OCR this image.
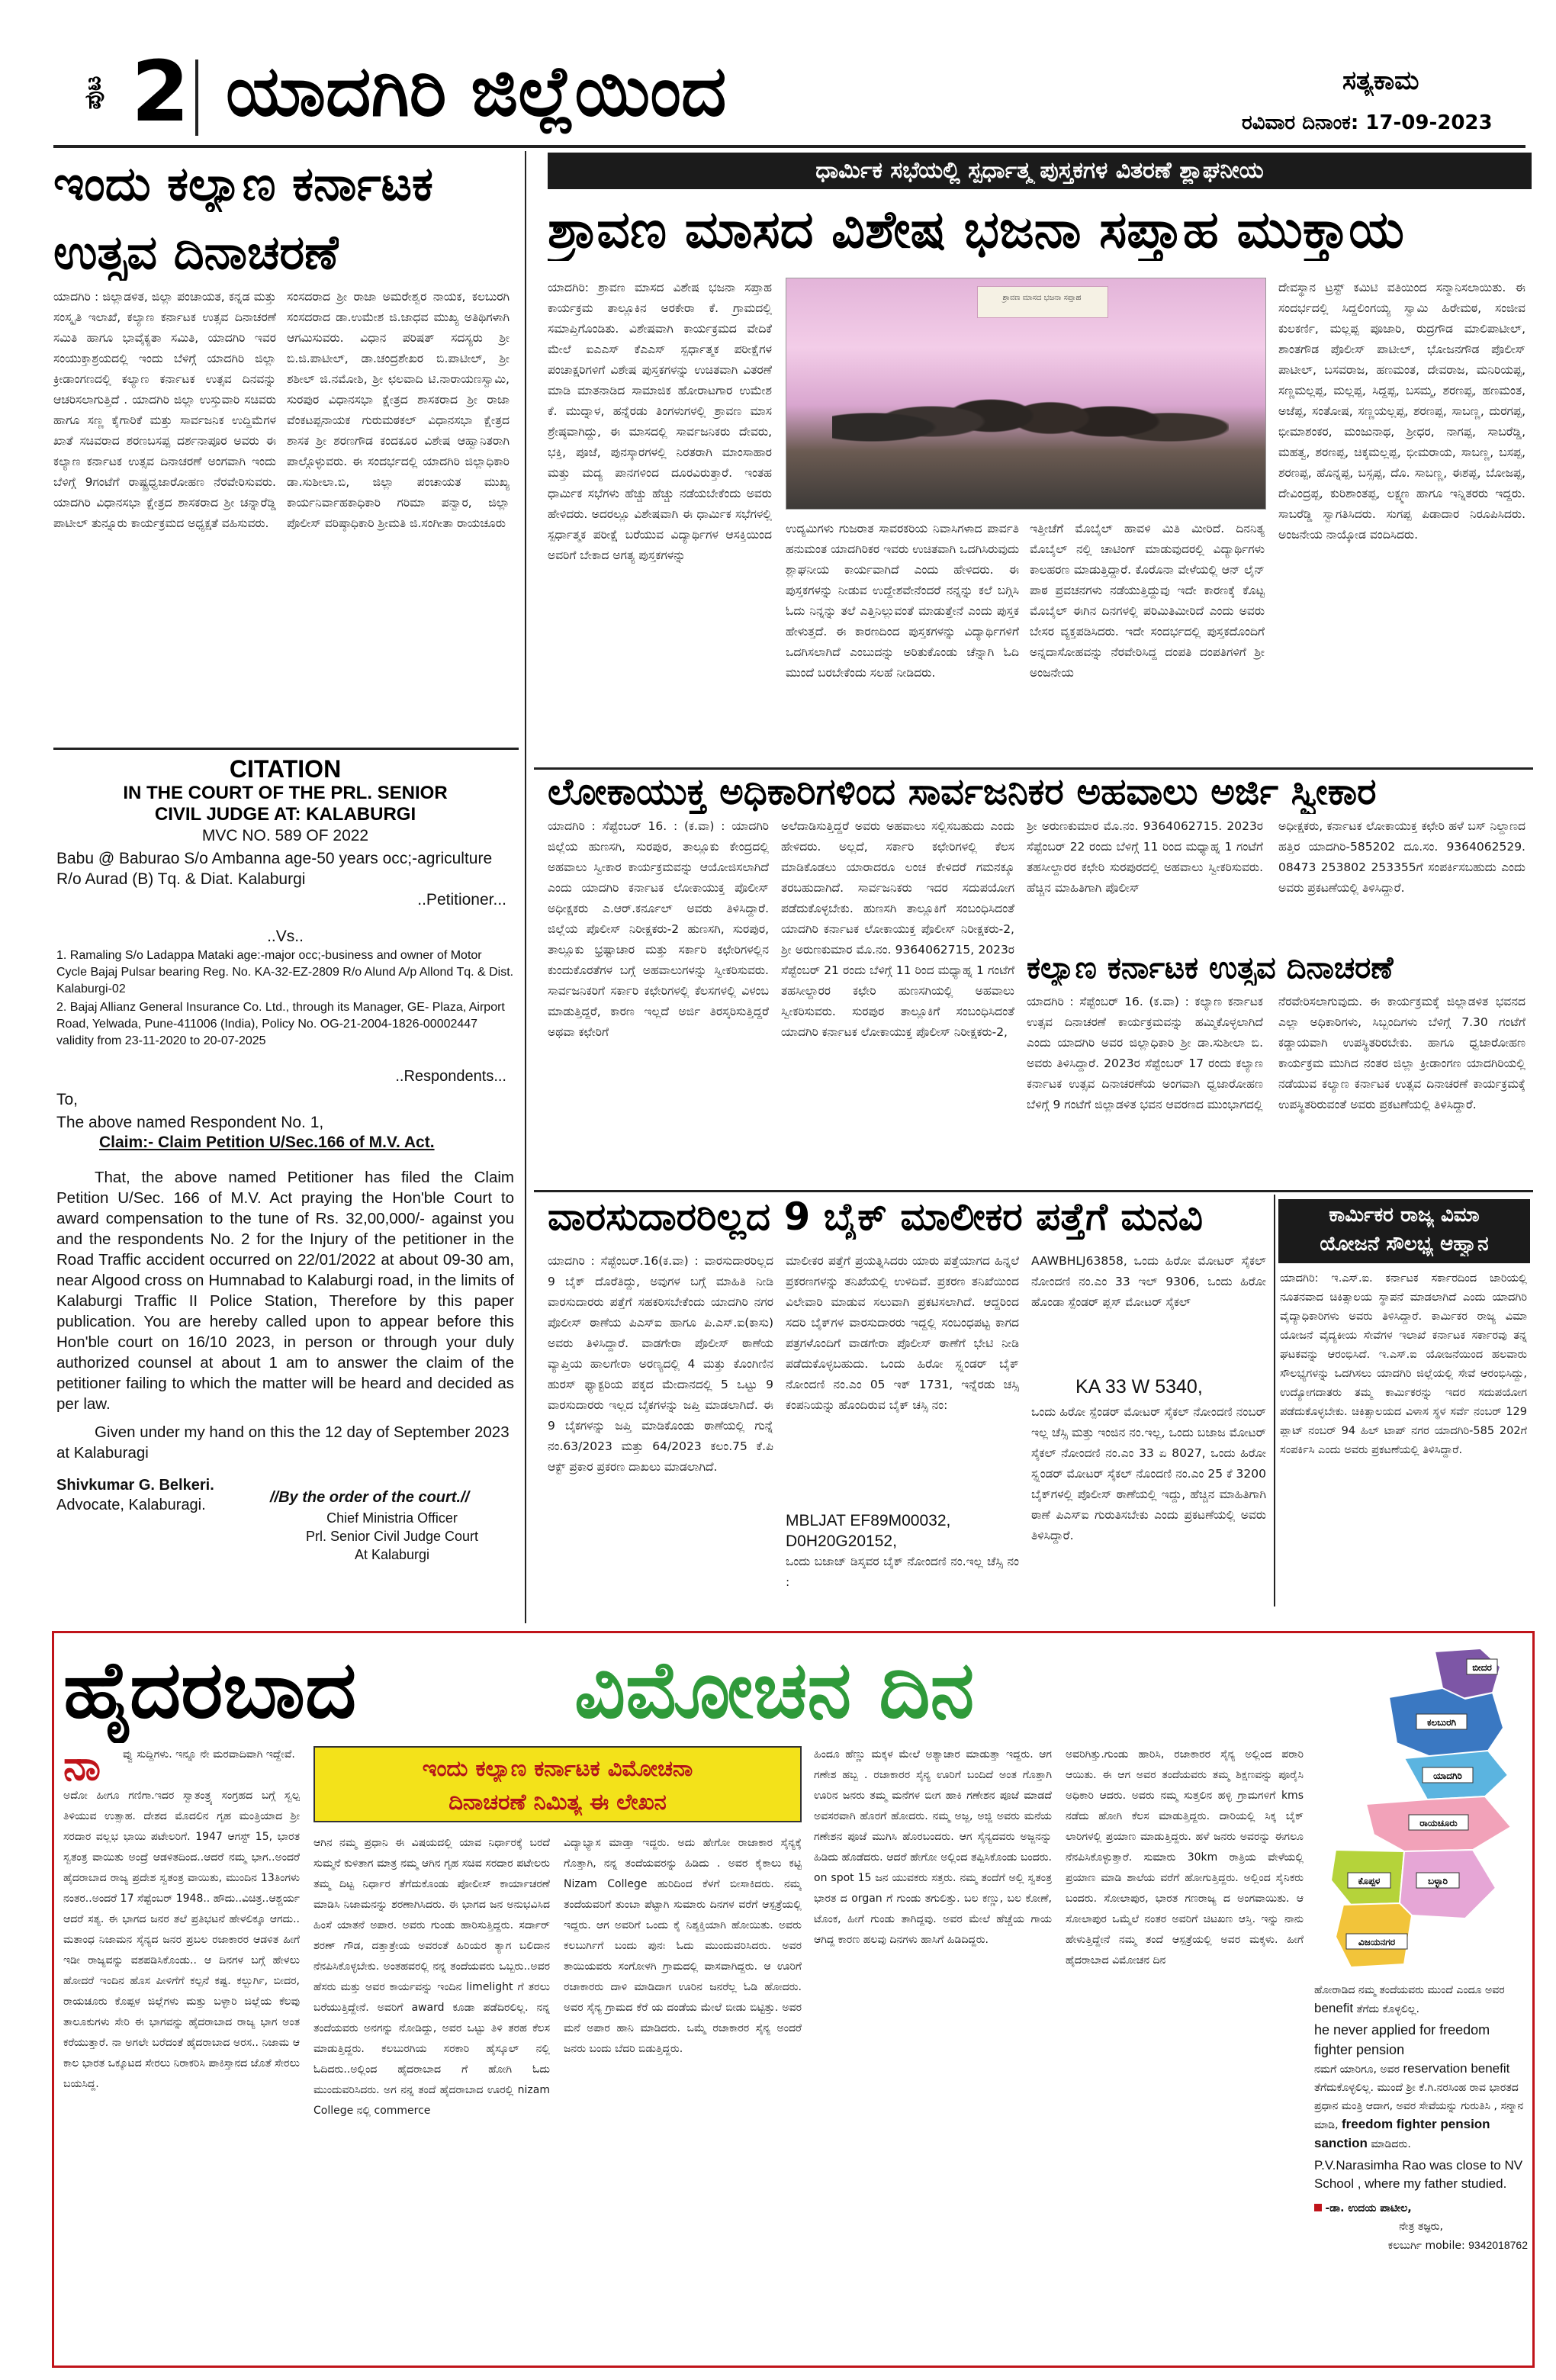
ಪುಟ 2 ಯಾದಗಿರಿ ಜಿಲ್ಲೆಯಿಂದ	ಸತ್ಯಕಾಮ
ರವಿವಾರ ದಿನಾಂಕ: 17-09-2023
ಇಂದು ಕಲ್ಯಾಣ ಕರ್ನಾಟಕ
ಉತ್ಸವ ದಿನಾಚರಣೆ
ಯಾದಗಿರಿ : ಜಿಲ್ಲಾಡಳಿತ, ಜಿಲ್ಲಾ ಪಂಚಾಯತ, ಕನ್ನಡ ಮತ್ತು ಸಂಸ್ಕೃತಿ ಇಲಾಖೆ, ಕಲ್ಯಾಣ ಕರ್ನಾಟಕ ಉತ್ಸವ ದಿನಾಚರಣೆ ಸಮಿತಿ ಹಾಗೂ ಭಾವೈಕ್ಯತಾ ಸಮಿತಿ, ಯಾದಗಿರಿ ಇವರ ಸಂಯುಕ್ತಾಶ್ರಯದಲ್ಲಿ ಇಂದು ಬೆಳಿಗ್ಗೆ ಯಾದಗಿರಿ ಜಿಲ್ಲಾ ಕ್ರೀಡಾಂಗಣದಲ್ಲಿ ಕಲ್ಯಾಣ ಕರ್ನಾಟಕ ಉತ್ಸವ ದಿನವನ್ನು ಆಚರಿಸಲಾಗುತ್ತಿದೆ . ಯಾದಗಿರಿ ಜಿಲ್ಲಾ ಉಸ್ತುವಾರಿ ಸಚಿವರು ಹಾಗೂ ಸಣ್ಣ ಕೈಗಾರಿಕೆ ಮತ್ತು ಸಾರ್ವಜನಿಕ ಉದ್ದಿಮೆಗಳ ಖಾತೆ ಸಚಿವರಾದ ಶರಣಬಸಪ್ಪ ದರ್ಶನಾಪೂರ ಅವರು ಈ ಕಲ್ಯಾಣ ಕರ್ನಾಟಕ ಉತ್ಸವ ದಿನಾಚರಣೆ ಅಂಗವಾಗಿ ಇಂದು ಬೆಳಿಗ್ಗೆ 9ಗಂಟೆಗೆ ರಾಷ್ಟ್ರಧ್ವಜಾರೋಹಣ ನೆರವೇರಿಸುವರು. ಯಾದಗಿರಿ ವಿಧಾನಸಭಾ ಕ್ಷೇತ್ರದ ಶಾಸಕರಾದ ಶ್ರೀ ಚನ್ನಾರೆಡ್ಡಿ ಪಾಟೀಲ್ ತುನ್ನೂರು ಕಾರ್ಯಕ್ರಮದ ಅಧ್ಯಕ್ಷತೆ ವಹಿಸುವರು.
ಸಂಸದರಾದ ಶ್ರೀ ರಾಜಾ ಅಮರೇಶ್ವರ ನಾಯಕ, ಕಲಬುರಗಿ ಸಂಸದರಾದ ಡಾ.ಉಮೇಶ ಜಿ.ಜಾಧವ ಮುಖ್ಯ ಅತಿಥಿಗಳಾಗಿ ಆಗಮಿಸುವರು. ವಿಧಾನ ಪರಿಷತ್ ಸದಸ್ಯರು ಶ್ರೀ ಬಿ.ಜಿ.ಪಾಟೀಲ್, ಡಾ.ಚಂದ್ರಶೇಖರ ಬಿ.ಪಾಟೀಲ್, ಶ್ರೀ ಶಶೀಲ್ ಜಿ.ನಮೋಶಿ, ಶ್ರೀ ಛಲವಾದಿ ಟಿ.ನಾರಾಯಣಸ್ವಾಮಿ, ಸುರಪುರ ವಿಧಾನಸಭಾ ಕ್ಷೇತ್ರದ ಶಾಸಕರಾದ ಶ್ರೀ ರಾಜಾ ವೆಂಕಟಪ್ಪನಾಯಕ ಗುರುಮಠಕಲ್ ವಿಧಾನಸಭಾ ಕ್ಷೇತ್ರದ ಶಾಸಕ ಶ್ರೀ ಶರಣಗೌಡ ಕಂದಕೂರ ವಿಶೇಷ ಆಹ್ವಾನಿತರಾಗಿ ಪಾಲ್ಗೊಳ್ಳುವರು. ಈ ಸಂದರ್ಭದಲ್ಲಿ ಯಾದಗಿರಿ ಜಿಲ್ಲಾಧಿಕಾರಿ ಡಾ.ಸುಶೀಲಾ.ಬಿ, ಜಿಲ್ಲಾ ಪಂಚಾಯತ ಮುಖ್ಯ ಕಾರ್ಯನಿರ್ವಾಹಕಾಧಿಕಾರಿ ಗರಿಮಾ ಪನ್ವಾರ, ಜಿಲ್ಲಾ ಪೊಲೀಸ್ ವರಿಷ್ಠಾಧಿಕಾರಿ ಶ್ರೀಮತಿ ಜಿ.ಸಂಗೀತಾ ರಾಯಚೂರು
CITATION
IN THE COURT OF THE PRL. SENIOR
CIVIL JUDGE AT: KALABURGI
MVC NO. 589 OF 2022
Babu @ Baburao S/o Ambanna age-50 years occ;-agriculture R/o Aurad (B) Tq. & Diat. Kalaburgi
..Petitioner...
..Vs..
1. Ramaling S/o Ladappa Mataki age:-major occ;-business and owner of Motor Cycle Bajaj Pulsar bearing Reg. No. KA-32-EZ-2809 R/o Alund A/p Allond Tq. & Dist. Kalaburgi-02
2. Bajaj Allianz General Insurance Co. Ltd., through its Manager, GE- Plaza, Airport Road, Yelwada, Pune-411006 (India), Policy No. OG-21-2004-1826-00002447 validity from 23-11-2020 to 20-07-2025
..Respondents...
To,
The above named Respondent No. 1,
Claim:- Claim Petition U/Sec.166 of M.V. Act.
That, the above named Petitioner has filed the Claim Petition U/Sec. 166 of M.V. Act praying the Hon'ble Court to award compensation to the tune of Rs. 32,00,000/- against you and the respondents No. 2 for the Injury of the petitioner in the Road Traffic accident occurred on 22/01/2022 at about 09-30 am, near Algood cross on Humnabad to Kalaburgi road, in the limits of Kalaburgi Traffic II Police Station, Therefore by this paper publication. You are hereby called upon to appear before this Hon'ble court on 16/10 2023, in person or through your duly authorized counsel at about 1 am to answer the claim of the petitioner failing to which the matter will be heard and decided as per law.
Given under my hand on this the 12 day of September 2023 at Kalaburagi
Shivkumar G. Belkeri.
Advocate, Kalaburagi.	//By the order of the court.//
Chief Ministria Officer
Prl. Senior Civil Judge Court
At Kalaburgi
ಧಾರ್ಮಿಕ ಸಭೆಯಲ್ಲಿ ಸ್ಪರ್ಧಾತ್ಮ ಪುಸ್ತಕಗಳ ವಿತರಣೆ ಶ್ಲಾಘನೀಯ
ಶ್ರಾವಣ ಮಾಸದ ವಿಶೇಷ ಭಜನಾ ಸಪ್ತಾಹ ಮುಕ್ತಾಯ
ಯಾದಗಿರಿ: ಶ್ರಾವಣ ಮಾಸದ ವಿಶೇಷ ಭಜನಾ ಸಪ್ತಾಹ ಕಾರ್ಯಕ್ರಮ ತಾಲ್ಲೂಕಿನ ಅರಕೇರಾ ಕೆ. ಗ್ರಾಮದಲ್ಲಿ ಸಮಾಪ್ತಿಗೊಂಡಿತು. ವಿಶೇಷವಾಗಿ ಕಾರ್ಯಕ್ರಮದ ವೇದಿಕೆ ಮೇಲೆ ಐಎಎಸ್ ಕೆಎಎಸ್ ಸ್ಪರ್ಧಾತ್ಮಕ ಪರೀಕ್ಷೆಗಳ ಪಂಚಾಕ್ಷರಿಗಳಿಗೆ ವಿಶೇಷ ಪುಸ್ತಕಗಳನ್ನು ಉಚಿತವಾಗಿ ವಿತರಣೆ ಮಾಡಿ ಮಾತನಾಡಿದ ಸಾಮಾಜಿಕ ಹೋರಾಟಗಾರ ಉಮೇಶ ಕೆ. ಮುದ್ನಾಳ, ಹನ್ನೆರಡು ತಿಂಗಳುಗಳಲ್ಲಿ ಶ್ರಾವಣ ಮಾಸ ಶ್ರೇಷ್ಠವಾಗಿದ್ದು, ಈ ಮಾಸದಲ್ಲಿ ಸಾರ್ವಜನಿಕರು ದೇವರು, ಭಕ್ತಿ, ಪೂಜೆ, ಪುನಸ್ಕಾರಗಳಲ್ಲಿ ನಿರತರಾಗಿ ಮಾಂಸಾಹಾರ ಮತ್ತು ಮದ್ಯ ಪಾನಗಳಿಂದ ದೂರವಿರುತ್ತಾರೆ. ಇಂತಹ ಧಾರ್ಮಿಕ ಸಭೆಗಳು ಹೆಚ್ಚು ಹೆಚ್ಚು ನಡೆಯಬೇಕೆಂದು ಅವರು ಹೇಳಿದರು. ಅದರಲ್ಲೂ ವಿಶೇಷವಾಗಿ ಈ ಧಾರ್ಮಿಕ ಸಭೆಗಳಲ್ಲಿ ಸ್ಪರ್ಧಾತ್ಮಕ ಪರೀಕ್ಷೆ ಬರೆಯುವ ವಿದ್ಯಾರ್ಥಿಗಳ ಆಸಕ್ತಿಯಿಂದ ಅವರಿಗೆ ಬೇಕಾದ ಅಗತ್ಯ ಪುಸ್ತಕಗಳನ್ನು
ಶ್ರಾವಣ ಮಾಸದ ಭಜನಾ ಸಪ್ತಾಹ
ಉದ್ಯಮಿಗಳು ಗುಜರಾತ ಸಾವರಕರಿಯ ನಿವಾಸಿಗಳಾದ ಪಾರ್ವತಿ ಹನುಮಂತ ಯಾದಗಿರಿಕರ ಇವರು ಉಚಿತವಾಗಿ ಒದಗಿಸಿರುವುದು ಶ್ಲಾಘನೀಯ ಕಾರ್ಯವಾಗಿದೆ ಎಂದು ಹೇಳಿದರು. ಈ ಪುಸ್ತಕಗಳನ್ನು ನೀಡುವ ಉದ್ದೇಶವೇನೆಂದರೆ ನನ್ನನ್ನು ಕಲೆ ಬಗ್ಗಿಸಿ ಓದು ನಿನ್ನನ್ನು ತಲೆ ಎತ್ತಿನಿಲ್ಲುವಂತೆ ಮಾಡುತ್ತೇನೆ ಎಂದು ಪುಸ್ತಕ ಹೇಳುತ್ತದೆ. ಈ ಕಾರಣದಿಂದ ಪುಸ್ತಕಗಳನ್ನು ವಿದ್ಯಾರ್ಥಿಗಳಿಗೆ ಒದಗಿಸಲಾಗಿದೆ ಎಂಬುದನ್ನು ಅರಿತುಕೊಂಡು ಚೆನ್ನಾಗಿ ಓದಿ ಮುಂದೆ ಬರಬೇಕೆಂದು ಸಲಹೆ ನೀಡಿದರು.
ಇತ್ತೀಚೆಗೆ ಮೊಬೈಲ್ ಹಾವಳಿ ಮಿತಿ ಮೀರಿದೆ. ದಿನನಿತ್ಯ ಮೊಬೈಲ್ ನಲ್ಲಿ ಚಾಟಿಂಗ್ ಮಾಡುವುದರಲ್ಲಿ ವಿದ್ಯಾರ್ಥಿಗಳು ಕಾಲಹರಣ ಮಾಡುತ್ತಿದ್ದಾರೆ. ಕೊರೊನಾ ವೇಳೆಯಲ್ಲಿ ಆನ್ ಲೈನ್ ಪಾಠ ಪ್ರವಚನಗಳು ನಡೆಯುತ್ತಿದ್ದುವು ಇದೇ ಕಾರಣಕ್ಕೆ ಕೊಟ್ಟ ಮೊಬೈಲ್ ಈಗಿನ ದಿನಗಳಲ್ಲಿ ಪರಿಮಿತಿಮೀರಿದೆ ಎಂದು ಅವರು ಬೇಸರ ವ್ಯಕ್ತಪಡಿಸಿದರು. ಇದೇ ಸಂದರ್ಭದಲ್ಲಿ ಪುಸ್ತಕದೊಂದಿಗೆ ಅನ್ನದಾಸೋಹವನ್ನು ನೆರವೇರಿಸಿದ್ದ ದಂಪತಿ ದಂಪತಿಗಳಿಗೆ ಶ್ರೀ ಅಂಜನೇಯ
ದೇವಸ್ಥಾನ ಟ್ರಸ್ಟ್ ಕಮಿಟಿ ವತಿಯಿಂದ ಸನ್ಮಾನಿಸಲಾಯಿತು. ಈ ಸಂದರ್ಭದಲ್ಲಿ ಸಿದ್ದಲಿಂಗಯ್ಯ ಸ್ವಾಮಿ ಹಿರೇಮಠ, ಸಂಜೀವ ಕುಲಕರ್ಣಿ, ಮಲ್ಲಪ್ಪ ಪೂಜಾರಿ, ರುದ್ರಗೌಡ ಮಾಲಿಪಾಟೀಲ್, ಶಾಂತಗೌಡ ಪೊಲೀಸ್ ಪಾಟೀಲ್, ಭೋಜನಗೌಡ ಪೊಲೀಸ್ ಪಾಟೀಲ್, ಬಸವರಾಜ, ಹಣಮಂತ, ದೇವರಾಜ, ಮನಿರಿಯಪ್ಪ, ಸಣ್ಣಮಲ್ಲಪ್ಪ, ಮಲ್ಲಪ್ಪ, ಸಿದ್ದಪ್ಪ, ಬಸಮ್ಮ, ಶರಣಪ್ಪ, ಹಣಮಂತ, ಅಜೆಪ್ಪ, ಸಂತೋಷ, ಸಣ್ಣಯಲ್ಲಪ್ಪ, ಶರಣಪ್ಪ, ಸಾಬಣ್ಣ, ದುರಗಪ್ಪ, ಭೀಮಾಶಂಕರ, ಮಂಜುನಾಥ, ಶ್ರೀಧರ, ನಾಗಪ್ಪ, ಸಾಬರೆಡ್ಡಿ, ಮಹತ್ವ, ಶರಣಪ್ಪ, ಚಿಕ್ಕಮಲ್ಲಪ್ಪ, ಭೀಮರಾಯ, ಸಾಬಣ್ಣ, ಬಸಪ್ಪ, ಶರಣಪ್ಪ, ಹೊನ್ನಪ್ಪ, ಬಸ್ಸಪ್ಪ, ದೊ. ಸಾಬಣ್ಣ, ಈಶಪ್ಪ, ಬೋಜಪ್ಪ, ದೇವಿಂದ್ರಪ್ಪ, ಕುರಿಶಾಂತಪ್ಪ, ಲಕ್ಷ್ಮಣ ಹಾಗೂ ಇನ್ನಿತರರು ಇದ್ದರು. ಸಾಬರೆಡ್ಡಿ ಸ್ವಾಗತಿಸಿದರು. ಸುಗಪ್ಪ ಪಿಡಾದಾರ ನಿರೂಪಿಸಿದರು. ಅಂಜನೇಯ ನಾಯ್ಕೋಡ ವಂದಿಸಿದರು.
ಲೋಕಾಯುಕ್ತ ಅಧಿಕಾರಿಗಳಿಂದ ಸಾರ್ವಜನಿಕರ ಅಹವಾಲು ಅರ್ಜಿ ಸ್ವೀಕಾರ
ಯಾದಗಿರಿ : ಸೆಪ್ಟೆಂಬರ್ 16. : (ಕ.ವಾ) : ಯಾದಗಿರಿ ಜಿಲ್ಲೆಯ ಹುಣಸಗಿ, ಸುರಪುರ, ತಾಲ್ಲೂಕು ಕೇಂದ್ರದಲ್ಲಿ ಅಹವಾಲು ಸ್ವೀಕಾರ ಕಾರ್ಯಕ್ರಮವನ್ನು ಆಯೋಜಿಸಲಾಗಿದೆ ಎಂದು ಯಾದಗಿರಿ ಕರ್ನಾಟಕ ಲೋಕಾಯುಕ್ತ ಪೊಲೀಸ್ ಅಧೀಕ್ಷಕರು ಎ.ಆರ್.ಕರ್ನೂಲ್ ಅವರು ತಿಳಿಸಿದ್ದಾರೆ. ಜಿಲ್ಲೆಯ ಪೊಲೀಸ್ ನಿರೀಕ್ಷಕರು-2 ಹುಣಸಗಿ, ಸುರಪುರ, ತಾಲ್ಲೂಕು ಭ್ರಷ್ಟಾಚಾರ ಮತ್ತು ಸರ್ಕಾರಿ ಕಛೇರಿಗಳಲ್ಲಿನ ಕುಂದುಕೊರತೆಗಳ ಬಗ್ಗೆ ಅಹವಾಲುಗಳನ್ನು ಸ್ವೀಕರಿಸುವರು. ಸಾರ್ವಜನಿಕರಿಗೆ ಸರ್ಕಾರಿ ಕಛೇರಿಗಳಲ್ಲಿ ಕೆಲಸಗಳಲ್ಲಿ ವಿಳಂಬ ಮಾಡುತ್ತಿದ್ದರೆ, ಕಾರಣ ಇಲ್ಲದೆ ಅರ್ಜಿ ತಿರಸ್ಕರಿಸುತ್ತಿದ್ದರೆ ಅಥವಾ ಕಛೇರಿಗೆ
ಅಲೆದಾಡಿಸುತ್ತಿದ್ದರೆ ಅವರು ಅಹವಾಲು ಸಲ್ಲಿಸಬಹುದು ಎಂದು ಹೇಳಿದರು. ಅಲ್ಲದೆ, ಸರ್ಕಾರಿ ಕಛೇರಿಗಳಲ್ಲಿ ಕೆಲಸ ಮಾಡಿಕೊಡಲು ಯಾರಾದರೂ ಲಂಚ ಕೇಳಿದರೆ ಗಮನಕ್ಕೂ ತರಬಹುದಾಗಿದೆ. ಸಾರ್ವಜನಿಕರು ಇದರ ಸದುಪಯೋಗ ಪಡೆದುಕೊಳ್ಳಬೇಕು. ಹುಣಸಗಿ ತಾಲ್ಲೂಕಿಗೆ ಸಂಬಂಧಿಸಿದಂತೆ ಯಾದಗಿರಿ ಕರ್ನಾಟಕ ಲೋಕಾಯುಕ್ತ ಪೊಲೀಸ್ ನಿರೀಕ್ಷಕರು-2, ಶ್ರೀ ಅರುಣಕುಮಾರ ಮೊ.ನಂ. 9364062715, 2023ರ ಸೆಪ್ಟೆಂಬರ್ 21 ರಂದು ಬೆಳಿಗ್ಗೆ 11 ರಿಂದ ಮಧ್ಯಾಹ್ನ 1 ಗಂಟೆಗೆ ತಹಸೀಲ್ದಾರರ ಕಛೇರಿ ಹುಣಸಗಿಯಲ್ಲಿ ಅಹವಾಲು ಸ್ವೀಕರಿಸುವರು. ಸುರಪುರ ತಾಲ್ಲೂಕಿಗೆ ಸಂಬಂಧಿಸಿದಂತೆ ಯಾದಗಿರಿ ಕರ್ನಾಟಕ ಲೋಕಾಯುಕ್ತ ಪೊಲೀಸ್ ನಿರೀಕ್ಷಕರು-2,
ಶ್ರೀ ಅರುಣಕುಮಾರ ಮೊ.ನಂ. 9364062715. 2023ರ ಸೆಪ್ಟೆಂಬರ್ 22 ರಂದು ಬೆಳಿಗ್ಗೆ 11 ರಿಂದ ಮಧ್ಯಾಹ್ನ 1 ಗಂಟೆಗೆ ತಹಸೀಲ್ದಾರರ ಕಛೇರಿ ಸುರಪುರದಲ್ಲಿ ಅಹವಾಲು ಸ್ವೀಕರಿಸುವರು. ಹೆಚ್ಚಿನ ಮಾಹಿತಿಗಾಗಿ ಪೊಲೀಸ್
ಅಧೀಕ್ಷಕರು, ಕರ್ನಾಟಕ ಲೋಕಾಯುಕ್ತ ಕಛೇರಿ ಹಳೆ ಬಸ್ ನಿಲ್ದಾಣದ ಹತ್ತಿರ ಯಾದಗಿರಿ-585202 ದೂ.ಸಂ. 9364062529. 08473 253802 253355ಗೆ ಸಂಪರ್ಕಿಸಬಹುದು ಎಂದು ಅವರು ಪ್ರಕಟಣೆಯಲ್ಲಿ ತಿಳಿಸಿದ್ದಾರೆ.
ಕಲ್ಯಾಣ ಕರ್ನಾಟಕ ಉತ್ಸವ ದಿನಾಚರಣೆ
ಯಾದಗಿರಿ : ಸೆಪ್ಟೆಂಬರ್ 16. (ಕ.ವಾ) : ಕಲ್ಯಾಣ ಕರ್ನಾಟಕ ಉತ್ಸವ ದಿನಾಚರಣೆ ಕಾರ್ಯಕ್ರಮವನ್ನು ಹಮ್ಮಿಕೊಳ್ಳಲಾಗಿದೆ ಎಂದು ಯಾದಗಿರಿ ಅವರ ಜಿಲ್ಲಾಧಿಕಾರಿ ಶ್ರೀ ಡಾ.ಸುಶೀಲಾ ಬಿ. ಅವರು ತಿಳಿಸಿದ್ದಾರೆ. 2023ರ ಸೆಪ್ಟೆಂಬರ್ 17 ರಂದು ಕಲ್ಯಾಣ ಕರ್ನಾಟಕ ಉತ್ಸವ ದಿನಾಚರಣೆಯ ಅಂಗವಾಗಿ ಧ್ವಜಾರೋಹಣ ಬೆಳಿಗ್ಗೆ 9 ಗಂಟೆಗೆ ಜಿಲ್ಲಾಡಳಿತ ಭವನ ಆವರಣದ ಮುಂಭಾಗದಲ್ಲಿ
ನೆರವೇರಿಸಲಾಗುವುದು. ಈ ಕಾರ್ಯಕ್ರಮಕ್ಕೆ ಜಿಲ್ಲಾಡಳಿತ ಭವನದ ಎಲ್ಲಾ ಅಧಿಕಾರಿಗಳು, ಸಿಬ್ಬಂದಿಗಳು ಬೆಳಿಗ್ಗೆ 7.30 ಗಂಟೆಗೆ ಕಡ್ಡಾಯವಾಗಿ ಉಪಸ್ಥಿತರಿರಬೇಕು. ಹಾಗೂ ಧ್ವಜಾರೋಹಣ ಕಾರ್ಯಕ್ರಮ ಮುಗಿದ ನಂತರ ಜಿಲ್ಲಾ ಕ್ರೀಡಾಂಗಣ ಯಾದಗಿರಿಯಲ್ಲಿ ನಡೆಯುವ ಕಲ್ಯಾಣ ಕರ್ನಾಟಕ ಉತ್ಸವ ದಿನಾಚರಣೆ ಕಾರ್ಯಕ್ರಮಕ್ಕೆ ಉಪಸ್ಥಿತರಿರುವಂತೆ ಅವರು ಪ್ರಕಟಣೆಯಲ್ಲಿ ತಿಳಿಸಿದ್ದಾರೆ.
ವಾರಸುದಾರರಿಲ್ಲದ 9 ಬೈಕ್ ಮಾಲೀಕರ ಪತ್ತೆಗೆ ಮನವಿ
ಯಾದಗಿರಿ : ಸೆಪ್ಟೆಂಬರ್.16(ಕ.ವಾ) : ವಾರಸುದಾರರಿಲ್ಲದ 9 ಬೈಕ್ ದೊರೆತಿದ್ದು, ಅವುಗಳ ಬಗ್ಗೆ ಮಾಹಿತಿ ನೀಡಿ ವಾರಸುದಾರರು ಪತ್ತೆಗೆ ಸಹಕರಿಸಬೇಕೆಂದು ಯಾದಗಿರಿ ನಗರ ಪೊಲೀಸ್ ಠಾಣೆಯ ಪಿಎಸ್‌ಐ ಹಾಗೂ ಪಿ.ಎಸ್.ಐ(ಕಾಸು) ಅವರು ತಿಳಿಸಿದ್ದಾರೆ. ವಾಡಗೇರಾ ಪೊಲೀಸ್ ಠಾಣೆಯ ವ್ಯಾಪ್ತಿಯ ಹಾಲಗೇರಾ ಅರಣ್ಯದಲ್ಲಿ 4 ಮತ್ತು ಕೊಂಗಿಣಿನ ಹುರಸ್ ಫ್ಯಾಕ್ಟರಿಯ ಪಕ್ಕದ ಮೇದಾನದಲ್ಲಿ 5 ಒಟ್ಟು 9 ವಾರಸುದಾರರು ಇಲ್ಲದ ಬೈಕಗಳನ್ನು ಜಪ್ತಿ ಮಾಡಲಾಗಿದೆ. ಈ 9 ಬೈಕಗಳನ್ನು ಜಪ್ತಿ ಮಾಡಿಕೊಂಡು ಠಾಣೆಯಲ್ಲಿ ಗುನ್ನೆ ನಂ.63/2023 ಮತ್ತು 64/2023 ಕಲಂ.75 ಕೆ.ಪಿ ಆಕ್ಟ್ ಪ್ರಕಾರ ಪ್ರಕರಣ ದಾಖಲು ಮಾಡಲಾಗಿದೆ.
ಮಾಲೀಕರ ಪತ್ತೆಗೆ ಪ್ರಯತ್ನಿಸಿದರು ಯಾರು ಪತ್ತೆಯಾಗದ ಹಿನ್ನಲೆ ಪ್ರಕರಣಗಳನ್ನು ತನಿಖೆಯಲ್ಲಿ ಉಳಿದಿವೆ. ಪ್ರಕರಣ ತನಿಖೆಯಿಂದ ವಿಲೇವಾರಿ ಮಾಡುವ ಸಲುವಾಗಿ ಪ್ರಕಟಿಸಲಾಗಿದೆ. ಆದ್ದರಿಂದ ಸದರಿ ಬೈಕ್‌ಗಳ ವಾರಸುದಾರರು ಇದ್ದಲ್ಲಿ ಸಂಬಂಧಪಟ್ಟ ಕಾಗದ ಪತ್ರಗಳೊಂದಿಗೆ ವಾಡಗೇರಾ ಪೊಲೀಸ್ ಠಾಣೆಗೆ ಭೇಟಿ ನೀಡಿ ಪಡೆದುಕೊಳ್ಳಬಹುದು. ಒಂದು ಹಿರೋ ಸ್ಪ್ಲಂಡರ್ ಬೈಕ್ ನೋಂದಣಿ ನಂ.ಎಂ 05 ಇಕ್ 1731, ಇನ್ನೆರಡು ಚಸ್ಸಿ ಕಂಪನಿಯನ್ನು ಹೊಂದಿರುವ ಬೈಕ್ ಚಸ್ಸಿ ನಂ:
MBLJAT EF89M00032, D0H20G20152,
ಒಂದು ಬಜಾಜ್ ಡಿಸ್ಕವರ ಬೈಕ್ ನೋಂದಣಿ ನಂ.ಇಲ್ಲ ಚೆಸ್ಸಿ ನಂ :
AAWBHLJ63858, ಒಂದು ಹಿರೋ ಮೋಟರ್ ಸೈಕಲ್ ನೋಂದಣಿ ನಂ.ಎಂ 33 ಇಲ್ 9306, ಒಂದು ಹಿರೋ ಹೊಂಡಾ ಸ್ಪೆಂಡರ್ ಪ್ಲಸ್ ಮೋಟರ್ ಸೈಕಲ್
KA 33 W 5340,
ಒಂದು ಹಿರೋ ಸ್ಪೆಂಡರ್ ಮೋಟರ್ ಸೈಕಲ್ ನೋಂದಣಿ ನಂಬರ್ ಇಲ್ಲ ಚೆಸ್ಸಿ ಮತ್ತು ಇಂಜಿನ ನಂ.ಇಲ್ಲ, ಒಂದು ಬಜಾಜ ಮೋಟರ್ ಸೈಕಲ್ ನೋಂದಣಿ ನಂ.ಎಂ 33 ಏ 8027, ಒಂದು ಹಿರೋ ಸ್ಪ್ಲಂಡರ್ ಮೋಟರ್ ಸೈಕಲ್ ನೊಂದಣಿ ನಂ.ಎಂ 25 ಕೆ 3200 ಬೈಕ್‌ಗಳಲ್ಲಿ ಪೊಲೀಸ್ ಠಾಣೆಯಲ್ಲಿ ಇದ್ದು, ಹೆಚ್ಚಿನ ಮಾಹಿತಿಗಾಗಿ ಠಾಣೆ ಪಿಎಸ್ಐ ಗುರುತಿಸಬೇಕು ಎಂದು ಪ್ರಕಟಣೆಯಲ್ಲಿ ಅವರು ತಿಳಿಸಿದ್ದಾರೆ.
ಕಾರ್ಮಿಕರ ರಾಜ್ಯ ವಿಮಾ
ಯೋಜನೆ ಸೌಲಭ್ಯ ಆಹ್ವಾನ
ಯಾದಗಿರಿ: ಇ.ಎಸ್.ಐ. ಕರ್ನಾಟಕ ಸರ್ಕಾರದಿಂದ ಜಾರಿಯಲ್ಲಿ ನೂತನವಾದ ಚಿಕಿತ್ಸಾಲಯ ಸ್ಥಾಪನೆ ಮಾಡಲಾಗಿದೆ ಎಂದು ಯಾದಗಿರಿ ವೈದ್ಯಾಧಿಕಾರಿಗಳು ಅವರು ತಿಳಿಸಿದ್ದಾರೆ. ಕಾರ್ಮಿಕರ ರಾಜ್ಯ ವಿಮಾ ಯೋಜನೆ ವೈದ್ಯಕೀಯ ಸೇವೆಗಳ ಇಲಾಖೆ ಕರ್ನಾಟಕ ಸರ್ಕಾರವು ತನ್ನ ಘಟಕವನ್ನು ಆರಂಭಿಸಿದೆ. ಇ.ಎಸ್.ಐ ಯೋಜನೆಯಿಂದ ಹಲವಾರು ಸೌಲಭ್ಯಗಳನ್ನು ಒದಗಿಸಲು ಯಾದಗಿರಿ ಜಿಲ್ಲೆಯಲ್ಲಿ ಸೇವೆ ಆರಂಭಿಸಿದ್ದು, ಉದ್ಯೋಗದಾತರು ತಮ್ಮ ಕಾರ್ಮಿಕರನ್ನು ಇದರ ಸದುಪಯೋಗ ಪಡೆದುಕೊಳ್ಳಬೇಕು. ಚಿಕಿತ್ಸಾಲಯದ ವಿಳಾಸ ಸ್ಥಳ ಸರ್ವೆ ನಂಬರ್ 129 ಪ್ಲಾಟ್ ನಂಬರ್ 94 ಹಿಲ್ ಟಾಪ್ ನಗರ ಯಾದಗಿರಿ-585 202ಗೆ ಸಂಪರ್ಕಿಸಿ ಎಂದು ಅವರು ಪ್ರಕಟಣೆಯಲ್ಲಿ ತಿಳಿಸಿದ್ದಾರೆ.
ಹೈದರಬಾದ	ವಿಮೋಚನ ದಿನ
ನಾ ವ್ವು ಸುದ್ದಿಗಳು. ಇನ್ನೂ ನೇ ಮರವಾದಿವಾಗಿ ಇದ್ದೇವೆ.
ಅದೋ ಹೀಗೂ ಗಣಿಗಾ.ಇದರ ಸ್ವಾತಂತ್ರ್ಯ ಸಂಗ್ರಹದ ಬಗ್ಗೆ ಸ್ವಲ್ಪ ತಿಳಿಯುವ ಉತ್ಸಾಹ. ದೇಶದ ಮೊದಲಿನ ಗೃಹ ಮಂತ್ರಿಯಾದ ಶ್ರೀ ಸರದಾರ ವಲ್ಲಭ ಭಾಯಿ ಪಟೇಲರಿಗೆ. 1947 ಆಗಸ್ಟ್ 15, ಭಾರತ ಸ್ವತಂತ್ರ ವಾಯಿತು ಅಂದ್ರೆ ಆಡಳಿತದಿಂದ..ಆದರೆ ನಮ್ಮ ಭಾಗ..ಅಂದರೆ ಹೈದರಾಬಾದ ರಾಜ್ಯ ಪ್ರದೇಶ ಸ್ವತಂತ್ರ ವಾಯಿತು, ಮುಂದಿನ 13ತಿಂಗಳು ನಂತರ..ಅಂದರೆ 17 ಸೆಪ್ಟೆಂಬರ್ 1948.. ಹೌದು..ವಿಚಿತ್ರ..ಆಶ್ಚರ್ಯ ಆದರೆ ಸತ್ಯ. ಈ ಭಾಗದ ಜನರ ತಲೆ ಪ್ರತಿಭಟನೆ ಹೇಳಲಿಕ್ಕೂ ಆಗದು.. ಮತಾಂಧ ನಿಜಾಮನ ಸೈನ್ಯದ ಜನರ ಪ್ರಬಲ ರಜಾಕಾರರ ಆಡಳಿತ ಹೀಗೆ ಇಡೀ ರಾಜ್ಯವನ್ನು ವಶಪಡಿಸಿಕೊಂಡು.. ಆ ದಿನಗಳ ಬಗ್ಗೆ ಹೇಳಲು ಹೋದರೆ ಇಂದಿನ ಹೊಸ ಪೀಳಿಗೆಗೆ ಕಲ್ಪನೆ ಕಷ್ಟ. ಕಲ್ಬುರ್ಗಿ, ಬೀದರ, ರಾಯಚೂರು ಕೊಪ್ಪಳ ಜಿಲ್ಲೆಗಳು ಮತ್ತು ಬಳ್ಳಾರಿ ಜಿಲ್ಲೆಯ ಕೆಲವು ತಾಲೂಕುಗಳು ಸೇರಿ ಈ ಭಾಗವನ್ನು ಹೈದರಾಬಾದ ರಾಜ್ಯ ಭಾಗ ಅಂತ ಕರೆಯುತ್ತಾರೆ. ನಾ ಅಗಲೇ ಬರೆದಂತೆ ಹೈದರಾಬಾದ ಅರಸ.. ನಿಜಾಮ ಆ ಕಾಲ ಭಾರತ ಒಕ್ಕೂಟದ ಸೇರಲು ನಿರಾಕರಿಸಿ ಪಾಕಿಸ್ತಾನದ ಜೊತೆ ಸೇರಲು ಬಯಸಿದ್ದ.
ಇಂದು ಕಲ್ಯಾಣ ಕರ್ನಾಟಕ ವಿಮೋಚನಾ
ದಿನಾಚರಣೆ ನಿಮಿತ್ಯ ಈ ಲೇಖನ
ಆಗಿನ ನಮ್ಮ ಪ್ರಧಾನಿ ಈ ವಿಷಯದಲ್ಲಿ ಯಾವ ನಿರ್ಧಾರಕ್ಕೆ ಬರದೆ ಸುಮ್ಮನೆ ಕುಳಿತಾಗ ಮಾತ್ರ ನಮ್ಮ ಆಗಿನ ಗೃಹ ಸಚಿವ ಸರದಾರ ಪಟೇಲರು ತಮ್ಮ ದಿಟ್ಟ ನಿರ್ಧಾರ ತೆಗೆದುಕೊಂಡು ಪೋಲೀಸ್ ಕಾರ್ಯಾಚರಣೆ ಮಾಡಿಸಿ ನಿಜಾಮನನ್ನು ಶರಣಾಗಿಸಿದರು. ಈ ಭಾಗದ ಜನ ಅನುಭವಿಸಿದ ಹಿಂಸೆ ಯಾತನೆ ಅಪಾರ. ಅವರು ಗುಂಡು ಹಾರಿಸುತ್ತಿದ್ದರು. ಸರ್ದಾರ್ ಶರಣ್ ಗೌಡ, ದತ್ತಾತ್ರೇಯ ಅವರಂತೆ ಹಿರಿಯರ ತ್ಯಾಗ ಬಲಿದಾನ ನೆನಪಿಸಿಕೊಳ್ಳಬೇಕು. ಅಂತಹವರಲ್ಲಿ ನನ್ನ ತಂದೆಯವರು ಒಬ್ಬರು..ಅವರ ಹೆಸರು ಮತ್ತು ಅವರ ಕಾರ್ಯವನ್ನು ಇಂದಿನ limelight ಗೆ ತರಲು ಬರೆಯುತ್ತಿದ್ದೇನೆ. ಅವರಿಗೆ award ಕೂಡಾ ಪಡೆದಿರಲಿಲ್ಲ. ನನ್ನ ತಂದೆಯವರು ಅನಗನ್ನು ನೋಡಿದ್ದು, ಅವರ ಒಟ್ಟು ತಿಳಿ ತರಹ ಕೆಲಸ ಮಾಡುತ್ತಿದ್ದರು. ಕಲಬುರಗಿಯ ಸರಕಾರಿ ಹೈಸ್ಕೂಲ್ ನಲ್ಲಿ ಓದಿದರು..ಅಲ್ಲಿಂದ ಹೈದರಾಬಾದ ಗೆ ಹೋಗಿ ಓದು ಮುಂದುವರಿಸಿದರು. ಅಗ ನನ್ನ ತಂದೆ ಹೈದರಾಬಾದ ಊರಲ್ಲಿ nizam College ನಲ್ಲಿ commerce
ವಿದ್ಯಾಭ್ಯಾಸ ಮಾಡ್ತಾ ಇದ್ದರು. ಅದು ಹೇಗೋ ರಾಜಾಕಾರ ಸೈನ್ಯಕ್ಕೆ ಗೊತ್ತಾಗಿ, ನನ್ನ ತಂದೆಯವರನ್ನು ಹಿಡಿದು . ಅವರ ಕೈಕಾಲು ಕಟ್ಟಿ Nizam College ಹುರಿದಿಂದ ಕೆಳಗೆ ಬೀಸಾಕಿದರು. ನಮ್ಮ ತಂದೆಯವರಿಗೆ ತುಂಬಾ ಪೆಟ್ಟಾಗಿ ಸುಮಾರು ದಿನಗಳ ವರೆಗೆ ಆಸ್ಪತ್ರೆಯಲ್ಲಿ ಇದ್ದರು. ಆಗ ಅವರಿಗೆ ಒಂದು ಕೈ ನಿಶ್ಶಕ್ತಿಯಾಗಿ ಹೋಯಿತು. ಅವರು ಕಲಬುರ್ಗಿಗೆ ಬಂದು ಪುನಃ ಓದು ಮುಂದುವರಿಸಿದರು. ಅವರ ತಾಯಿಯವರು ಸಂಗೋಳಗಿ ಗ್ರಾಮದಲ್ಲಿ ವಾಸವಾಗಿದ್ದರು. ಆ ಊರಿಗೆ ರಜಾಕಾರರು ದಾಳಿ ಮಾಡಿದಾಗ ಊರಿನ ಜನರೆಲ್ಲ ಓಡಿ ಹೋದರು. ಅವರ ಸೈನ್ಯ ಗ್ರಾಮದ ಕೆರೆ ಯ ದಂಡೆಯ ಮೇಲೆ ಬೀಡು ಬಿಟ್ಟಿತ್ತು. ಅವರ ಮನೆ ಅಪಾರ ಹಾನಿ ಮಾಡಿದರು. ಒಮ್ಮೆ ರಜಾಕಾರರ ಸೈನ್ಯ ಅಂದರೆ ಜನರು ಬಂದು ಬೆದರಿ ಬಿಡುತ್ತಿದ್ದರು.
ಹಿಂದೂ ಹೆಣ್ಣು ಮಕ್ಕಳ ಮೇಲೆ ಅತ್ಯಾಚಾರ ಮಾಡುತ್ತಾ ಇದ್ದರು. ಆಗ ಗಣೇಶ ಹಬ್ಬ . ರಜಾಕಾರರ ಸೈನ್ಯ ಊರಿಗೆ ಬಂದಿದೆ ಅಂತ ಗೊತ್ತಾಗಿ ಊರಿನ ಜನರು ತಮ್ಮ ಮನೆಗಳ ಬೀಗ ಹಾಕಿ ಗಣೇಶನ ಪೂಜೆ ಮಾಡದೆ ಅವಸರವಾಗಿ ಹೊರಗೆ ಹೋದರು. ನಮ್ಮ ಅಜ್ಜ, ಅಜ್ಜಿ ಅವರು ಮನೆಯ ಗಣೇಶನ ಪೂಜೆ ಮುಗಿಸಿ ಹೊರಬಂದರು. ಆಗ ಸೈನ್ಯದವರು ಅಜ್ಜನನ್ನು ಹಿಡಿದು ಹೊಡೆದರು. ಆದರೆ ಹೇಗೋ ಅಲ್ಲಿಂದ ತಪ್ಪಿಸಿಕೊಂಡು ಬಂದರು. on spot 15 ಜನ ಯುವಕರು ಸತ್ತರು. ನಮ್ಮ ತಂದೆಗೆ ಅಲ್ಲಿ ಸ್ವತಂತ್ರ ಭಾರತ ದ organ ಗೆ ಗುಂಡು ತಗುಲಿತ್ತು. ಬಲ ಕಣ್ಣು, ಬಲ ಕೋಣೆ, ಟೊಂಕ, ಹೀಗೆ ಗುಂಡು ತಾಗಿದ್ದವು. ಅವರ ಮೇಲೆ ಹೆಚ್ಚೆಯ ಗಾಯ ಆಗಿದ್ದ ಕಾರಣ ಹಲವು ದಿನಗಳು ಹಾಸಿಗೆ ಹಿಡಿದಿದ್ದರು.
ಅವರಿಗಿತ್ತು.ಗುಂಡು ಹಾರಿಸಿ, ರಜಾಕಾರರ ಸೈನ್ಯ ಅಲ್ಲಿಂದ ಪರಾರಿ ಆಯಿತು. ಈ ಆಗ ಅವರ ತಂದೆಯವರು ತಮ್ಮ ಶಿಕ್ಷಣವನ್ನು ಪೂರೈಸಿ ಅಧಿಕಾರಿ ಆದರು. ಅವರು ನಮ್ಮ ಸುತ್ತಲಿನ ಹಳ್ಳಿ ಗ್ರಾಮಗಳಿಗೆ kms ನಡೆದು ಹೋಗಿ ಕೆಲಸ ಮಾಡುತ್ತಿದ್ದರು. ದಾರಿಯಲ್ಲಿ ಸಿಕ್ಕ ಬೈಕ್ ಲಾರಿಗಳಲ್ಲಿ ಪ್ರಯಾಣ ಮಾಡುತ್ತಿದ್ದರು. ಹಳೆ ಜನರು ಅವರನ್ನು ಈಗಲೂ ನೆನಪಿಸಿಕೊಳ್ಳುತ್ತಾರೆ. ಸುಮಾರು 30km ರಾತ್ರಿಯ ವೇಳೆಯಲ್ಲಿ ಪ್ರಯಾಣ ಮಾಡಿ ಶಾಲೆಯ ವರೆಗೆ ಹೋಗುತ್ತಿದ್ದರು. ಅಲ್ಲಿಂದ ಸೈನಿಕರು ಬಂದರು. ಸೋಲಾಪುರ, ಭಾರತ ಗಣರಾಜ್ಯ ದ ಅಂಗವಾಯಿತು. ಆ ಸೋಲಾಪುರ ಒಮ್ಮೆಲೆ ನಂತರ ಅವರಿಗೆ ಚಿಟಖಣ ಆಸ್ತಿ. ಇನ್ನು ನಾನು ಹೇಳುತ್ತಿದ್ದೇನೆ ನಮ್ಮ ತಂದೆ ಆಸ್ಪತ್ರೆಯಲ್ಲಿ ಅವರ ಮಕ್ಕಳು. ಹೀಗೆ ಹೈದರಾಬಾದ ವಿಮೋಚನ ದಿನ
ಬೀದರ
ಕಲಬುರಗಿ
ಯಾದಗಿರಿ
ರಾಯಚೂರು
ಕೊಪ್ಪಳ	ಬಳ್ಳಾರಿ
ವಿಜಯನಗರ
ಹೋರಾಡಿದ ನಮ್ಮ ತಂದೆಯವರು ಮುಂದೆ ಎಂದೂ ಅವರ benefit ತೆಗೆದು ಕೊಳ್ಳಲಿಲ್ಲ.
he never applied for freedom fighter pension
ನಮಗೆ ಯಾರಿಗೂ, ಅವರ reservation benefit ತೆಗೆದುಕೊಳ್ಳಲಿಲ್ಲ. ಮುಂದೆ ಶ್ರೀ ಕೆ.ಗಿ.ನರಸಿಂಹ ರಾವ ಭಾರತದ ಪ್ರಧಾನ ಮಂತ್ರಿ ಆದಾಗ, ಅವರ ಸೇವೆಯನ್ನು ಗುರುತಿಸಿ , ಸನ್ಮಾನ ಮಾಡಿ, freedom fighter pension sanction ಮಾಡಿದರು.
P.V.Narasimha Rao was close to NV School , where my father studied.
-ಡಾ. ಉದಯ ಪಾಟೀಲ,
ನೇತ್ರ ತಜ್ಞರು,
ಕಲಬುರ್ಗಿ mobile: 9342018762
